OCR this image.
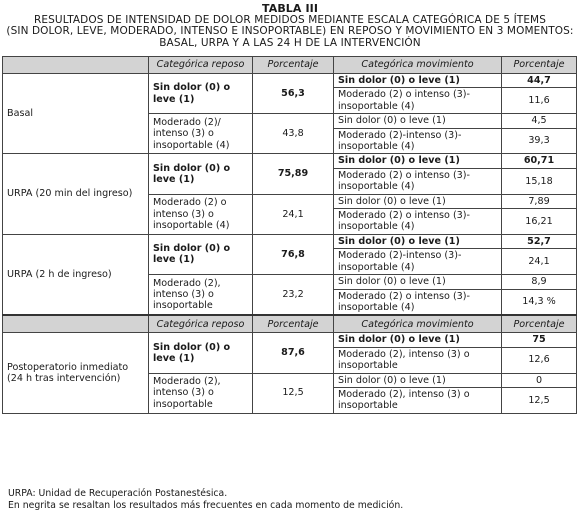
TABLA III
RESULTADOS DE INTENSIDAD DE DOLOR MEDIDOS MEDIANTE ESCALA CATEGÓRICA DE 5 ÍTEMS
(SIN DOLOR, LEVE, MODERADO, INTENSO E INSOPORTABLE) EN REPOSO Y MOVIMIENTO EN 3 MOMENTOS:
BASAL, URPA Y A LAS 24 H DE LA INTERVENCIÓN
	Categórica reposo	Porcentaje	Categórica movimiento	Porcentaje
Basal	Sin dolor (0) o leve (1)	56,3	Sin dolor (0) o leve (1)	44,7
			Moderado (2) o intenso (3)-insoportable (4)	11,6
	Moderado (2)/ intenso (3) o insoportable (4)	43,8	Sin dolor (0) o leve (1)	4,5
			Moderado (2)-intenso (3)-insoportable (4)	39,3
URPA (20 min del ingreso)	Sin dolor (0) o leve (1)	75,89	Sin dolor (0) o leve (1)	60,71
			Moderado (2) o intenso (3)-insoportable (4)	15,18
	Moderado (2) o intenso (3) o insoportable (4)	24,1	Sin dolor (0) o leve (1)	7,89
			Moderado (2) o intenso (3)-insoportable (4)	16,21
URPA (2 h de ingreso)	Sin dolor (0) o leve (1)	76,8	Sin dolor (0) o leve (1)	52,7
			Moderado (2)-intenso (3)-insoportable (4)	24,1
	Moderado (2), intenso (3) o insoportable	23,2	Sin dolor (0) o leve (1)	8,9
			Moderado (2) o intenso (3)-insoportable (4)	14,3 %
	Categórica reposo	Porcentaje	Categórica movimiento	Porcentaje
Postoperatorio inmediato (24 h tras intervención)	Sin dolor (0) o leve (1)	87,6	Sin dolor (0) o leve (1)	75
			Moderado (2), intenso (3) o insoportable	12,6
	Moderado (2), intenso (3) o insoportable	12,5	Sin dolor (0) o leve (1)	0
			Moderado (2), intenso (3) o insoportable	12,5
URPA: Unidad de Recuperación Postanestésica.
En negrita se resaltan los resultados más frecuentes en cada momento de medición.
